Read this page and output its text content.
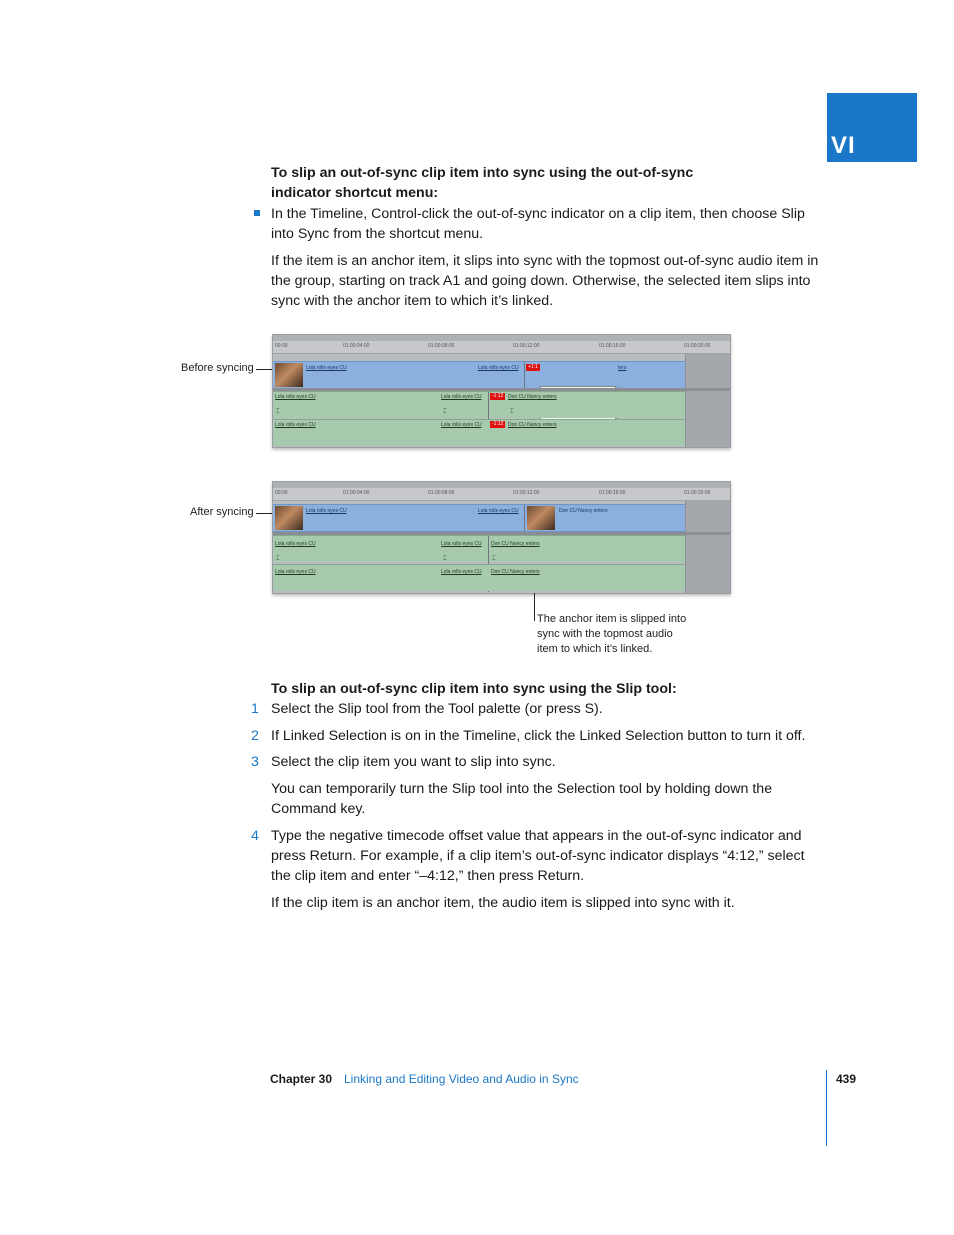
VI
To slip an out-of-sync clip item into sync using the out-of-sync indicator shortcut menu:
In the Timeline, Control-click the out-of-sync indicator on a clip item, then choose Slip into Sync from the shortcut menu.
If the item is an anchor item, it slips into sync with the topmost out-of-sync audio item in the group, starting on track A1 and going down. Otherwise, the selected item slips into sync with the anchor item to which it’s linked.
Before syncing
00:00	01:00:04:00	01:00:08:00	01:00:12:00	01:00:16:00	01:00:20:00
Lola rolls eyes CU	Lola rolls eyes CU	+1:1	ters
Lola rolls eyes CU	Lola rolls eyes CU	-1:12 Don CU Nancy enters
⌶	⌶	⌶
Lola rolls eyes CU	Lola rolls eyes CU	-1:12 Don CU Nancy enters
After syncing
00:00	01:00:04:00	01:00:08:00	01:00:12:00	01:00:16:00	01:00:20:00
Lola rolls eyes CU	Lola rolls eyes CU	Don CU Nancy enters
Lola rolls eyes CU	Lola rolls eyes CU Don CU Nancy enters
⌶	⌶	⌶
Lola rolls eyes CU	Lola rolls eyes CU Don CU Nancy enters
The anchor item is slipped into
sync with the topmost audio
item to which it’s linked.
To slip an out-of-sync clip item into sync using the Slip tool:
1 Select the Slip tool from the Tool palette (or press S).
2 If Linked Selection is on in the Timeline, click the Linked Selection button to turn it off.
3 Select the clip item you want to slip into sync.
You can temporarily turn the Slip tool into the Selection tool by holding down the Command key.
4 Type the negative timecode offset value that appears in the out-of-sync indicator and press Return. For example, if a clip item’s out-of-sync indicator displays “4:12,” select the clip item and enter “–4:12,” then press Return.
If the clip item is an anchor item, the audio item is slipped into sync with it.
Chapter 30 Linking and Editing Video and Audio in Sync	439
